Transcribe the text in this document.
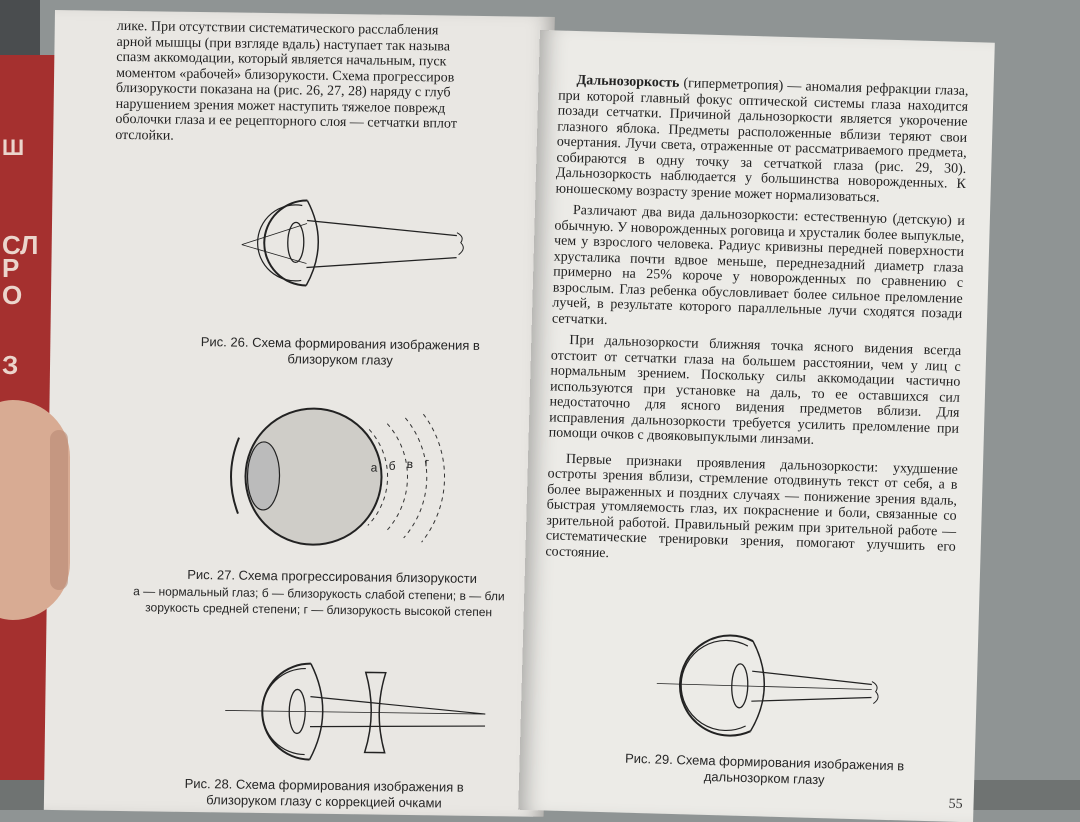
Ш
СЛ
Р
О
З

лике. При отсутствии систематического расслабления

арной мышцы (при взгляде вдаль) наступает так называ

спазм аккомодации, который является начальным, пуск

моментом «рабочей» близорукости. Схема прогрессиров

близорукости показана на (рис. 26, 27, 28) наряду с глуб

нарушением зрения может наступить тяжелое поврежд

оболочки глаза и ее рецепторного слоя — сетчатки вплот

отслойки.

Рис. 26. Схема формирования изображения в близоруком глазу
а б в г
Рис. 27. Схема прогрессирования близорукости
а — нормальный глаз; б — близорукость слабой степени; в — бли зорукость средней степени; г — близорукость высокой степен
Рис. 28. Схема формирования изображения в близоруком глазу с коррекцией очками

Дальнозоркость (гиперметропия) — аномалия рефракции глаза, при которой главный фокус оптической системы глаза находится позади сетчатки. Причиной дальнозоркости является укорочение глазного яблока. Предметы расположенные вблизи теряют свои очертания. Лучи света, отраженные от рассматриваемого предмета, собираются в одну точку за сетчаткой глаза (рис. 29, 30). Дальнозоркость наблюдается у большинства новорожденных. К юношескому возрасту зрение может нормализоваться.

Различают два вида дальнозоркости: естественную (детскую) и обычную. У новорожденных роговица и хрусталик более выпуклые, чем у взрослого человека. Радиус кривизны передней поверхности хрусталика почти вдвое меньше, переднезадний диаметр глаза примерно на 25% короче у новорожденных по сравнению с взрослым. Глаз ребенка обусловливает более сильное преломление лучей, в результате которого параллельные лучи сходятся позади сетчатки.

При дальнозоркости ближняя точка ясного видения всегда отстоит от сетчатки глаза на большем расстоянии, чем у лиц с нормальным зрением. Поскольку силы аккомодации частично используются при установке на даль, то ее оставшихся сил недостаточно для ясного видения предметов вблизи. Для исправления дальнозоркости требуется усилить преломление при помощи очков с двояковыпуклыми линзами.

Первые признаки проявления дальнозоркости: ухудшение остроты зрения вблизи, стремление отодвинуть текст от себя, а в более выраженных и поздних случаях — понижение зрения вдаль, быстрая утомляемость глаз, их покраснение и боли, связанные со зрительной работой. Правильный режим при зрительной работе — систематические тренировки зрения, помогают улучшить его состояние.

Рис. 29. Схема формирования изображения в дальнозорком глазу
55
